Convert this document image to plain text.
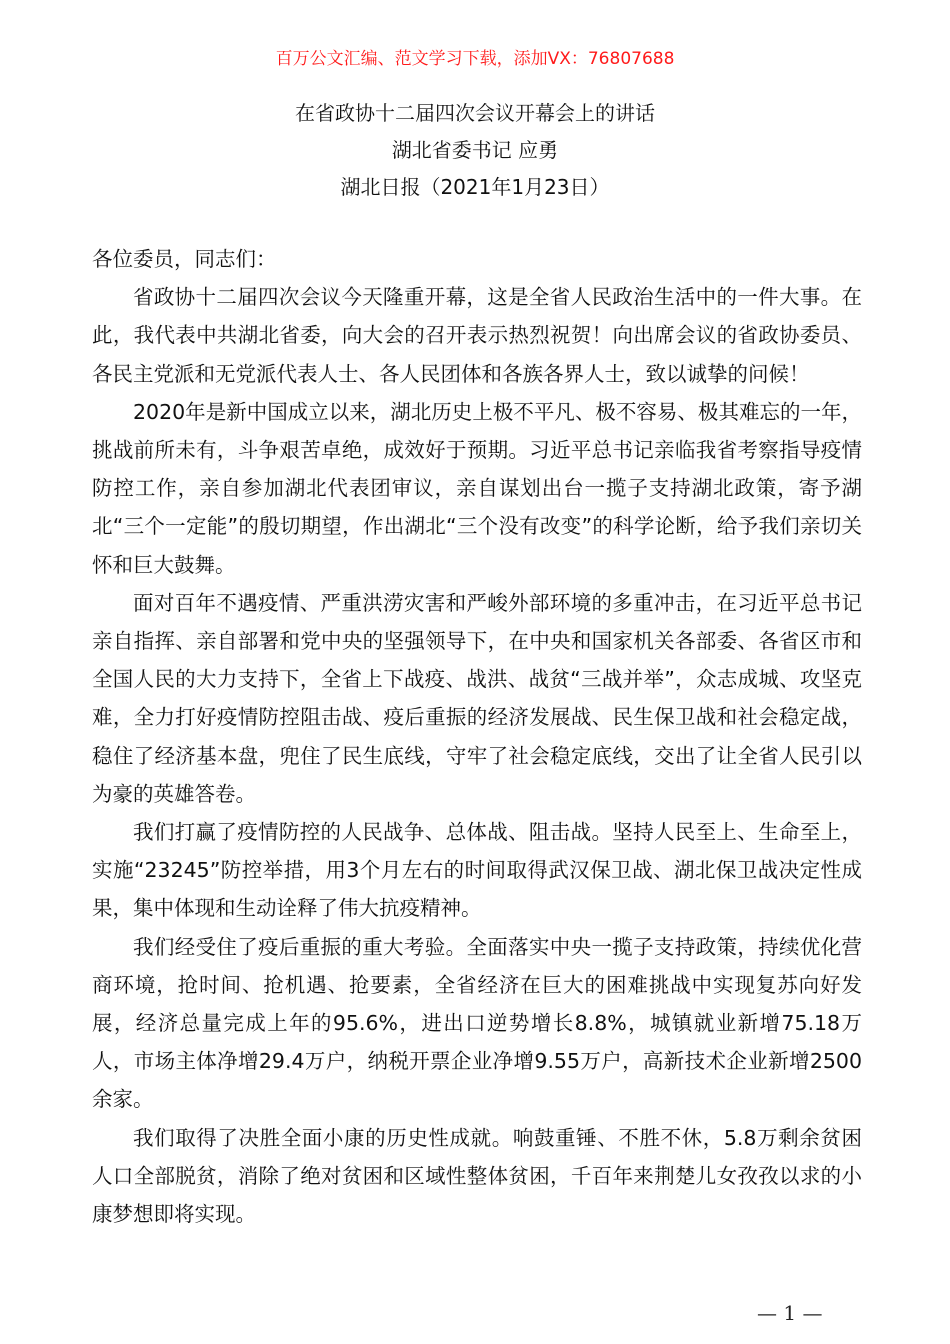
百万公文汇编、范文学习下载，添加VX：76807688
在省政协十二届四次会议开幕会上的讲话
湖北省委书记 应勇
湖北日报（2021年1月23日）

各位委员，同志们：

省政协十二届四次会议今天隆重开幕，这是全省人民政治生活中的一件大事。在此，我代表中共湖北省委，向大会的召开表示热烈祝贺！向出席会议的省政协委员、各民主党派和无党派代表人士、各人民团体和各族各界人士，致以诚挚的问候！

2020年是新中国成立以来，湖北历史上极不平凡、极不容易、极其难忘的一年，挑战前所未有，斗争艰苦卓绝，成效好于预期。习近平总书记亲临我省考察指导疫情防控工作，亲自参加湖北代表团审议，亲自谋划出台一揽子支持湖北政策，寄予湖北“三个一定能”的殷切期望，作出湖北“三个没有改变”的科学论断，给予我们亲切关怀和巨大鼓舞。

面对百年不遇疫情、严重洪涝灾害和严峻外部环境的多重冲击，在习近平总书记亲自指挥、亲自部署和党中央的坚强领导下，在中央和国家机关各部委、各省区市和全国人民的大力支持下，全省上下战疫、战洪、战贫“三战并举”，众志成城、攻坚克难，全力打好疫情防控阻击战、疫后重振的经济发展战、民生保卫战和社会稳定战，稳住了经济基本盘，兜住了民生底线，守牢了社会稳定底线，交出了让全省人民引以为豪的英雄答卷。

我们打赢了疫情防控的人民战争、总体战、阻击战。坚持人民至上、生命至上，实施“23245”防控举措，用3个月左右的时间取得武汉保卫战、湖北保卫战决定性成果，集中体现和生动诠释了伟大抗疫精神。

我们经受住了疫后重振的重大考验。全面落实中央一揽子支持政策，持续优化营商环境，抢时间、抢机遇、抢要素，全省经济在巨大的困难挑战中实现复苏向好发展，经济总量完成上年的95.6%，进出口逆势增长8.8%，城镇就业新增75.18万人，市场主体净增29.4万户，纳税开票企业净增9.55万户，高新技术企业新增2500余家。

我们取得了决胜全面小康的历史性成就。响鼓重锤、不胜不休，5.8万剩余贫困人口全部脱贫，消除了绝对贫困和区域性整体贫困，千百年来荆楚儿女孜孜以求的小康梦想即将实现。

— 1 —
